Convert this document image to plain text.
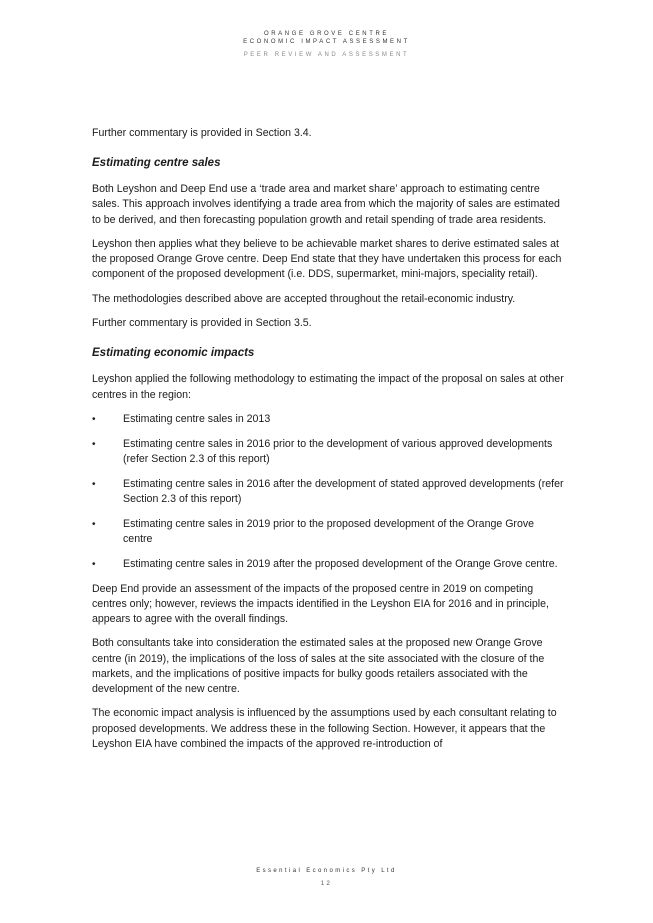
ORANGE GROVE CENTRE
ECONOMIC IMPACT ASSESSMENT
PEER REVIEW AND ASSESSMENT

Further commentary is provided in Section 3.4.

Estimating centre sales

Both Leyshon and Deep End use a ‘trade area and market share’ approach to estimating centre sales. This approach involves identifying a trade area from which the majority of sales are estimated to be derived, and then forecasting population growth and retail spending of trade area residents.

Leyshon then applies what they believe to be achievable market shares to derive estimated sales at the proposed Orange Grove centre. Deep End state that they have undertaken this process for each component of the proposed development (i.e. DDS, supermarket, mini-majors, speciality retail).

The methodologies described above are accepted throughout the retail-economic industry.

Further commentary is provided in Section 3.5.

Estimating economic impacts

Leyshon applied the following methodology to estimating the impact of the proposal on sales at other centres in the region:

•	Estimating centre sales in 2013
•	Estimating centre sales in 2016 prior to the development of various approved developments (refer Section 2.3 of this report)
•	Estimating centre sales in 2016 after the development of stated approved developments (refer Section 2.3 of this report)
•	Estimating centre sales in 2019 prior to the proposed development of the Orange Grove centre
•	Estimating centre sales in 2019 after the proposed development of the Orange Grove centre.

Deep End provide an assessment of the impacts of the proposed centre in 2019 on competing centres only; however, reviews the impacts identified in the Leyshon EIA for 2016 and in principle, appears to agree with the overall findings.

Both consultants take into consideration the estimated sales at the proposed new Orange Grove centre (in 2019), the implications of the loss of sales at the site associated with the closure of the markets, and the implications of positive impacts for bulky goods retailers associated with the development of the new centre.

The economic impact analysis is influenced by the assumptions used by each consultant relating to proposed developments. We address these in the following Section. However, it appears that the Leyshon EIA have combined the impacts of the approved re-introduction of

Essential Economics Pty Ltd
12
